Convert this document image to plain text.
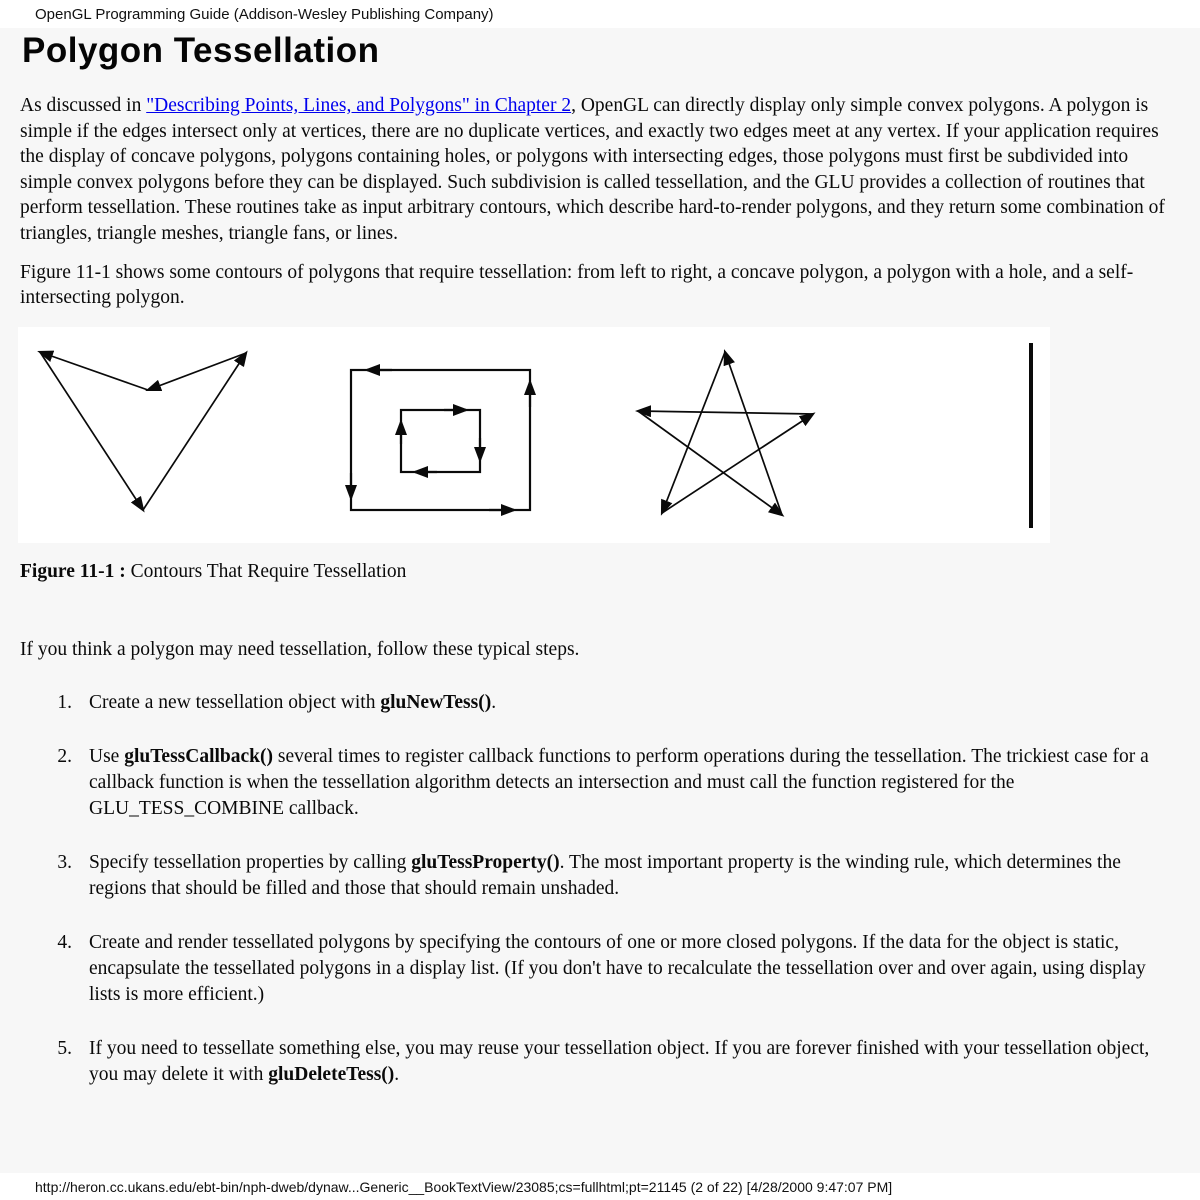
OpenGL Programming Guide (Addison-Wesley Publishing Company)
Polygon Tessellation

As discussed in "Describing Points, Lines, and Polygons" in Chapter 2, OpenGL can directly display only simple convex polygons. A polygon is simple if the edges intersect only at vertices, there are no duplicate vertices, and exactly two edges meet at any vertex. If your application requires the display of concave polygons, polygons containing holes, or polygons with intersecting edges, those polygons must first be subdivided into simple convex polygons before they can be displayed. Such subdivision is called tessellation, and the GLU provides a collection of routines that perform tessellation. These routines take as input arbitrary contours, which describe hard-to-render polygons, and they return some combination of triangles, triangle meshes, triangle fans, or lines.

Figure 11-1 shows some contours of polygons that require tessellation: from left to right, a concave polygon, a polygon with a hole, and a self-intersecting polygon.

Figure 11-1 : Contours That Require Tessellation

If you think a polygon may need tessellation, follow these typical steps.

1. Create a new tessellation object with gluNewTess().
2. Use gluTessCallback() several times to register callback functions to perform operations during the tessellation. The trickiest case for a callback function is when the tessellation algorithm detects an intersection and must call the function registered for the GLU_TESS_COMBINE callback.
3. Specify tessellation properties by calling gluTessProperty(). The most important property is the winding rule, which determines the regions that should be filled and those that should remain unshaded.
4. Create and render tessellated polygons by specifying the contours of one or more closed polygons. If the data for the object is static, encapsulate the tessellated polygons in a display list. (If you don't have to recalculate the tessellation over and over again, using display lists is more efficient.)
5. If you need to tessellate something else, you may reuse your tessellation object. If you are forever finished with your tessellation object, you may delete it with gluDeleteTess().
http://heron.cc.ukans.edu/ebt-bin/nph-dweb/dynaw...Generic__BookTextView/23085;cs=fullhtml;pt=21145 (2 of 22) [4/28/2000 9:47:07 PM]
